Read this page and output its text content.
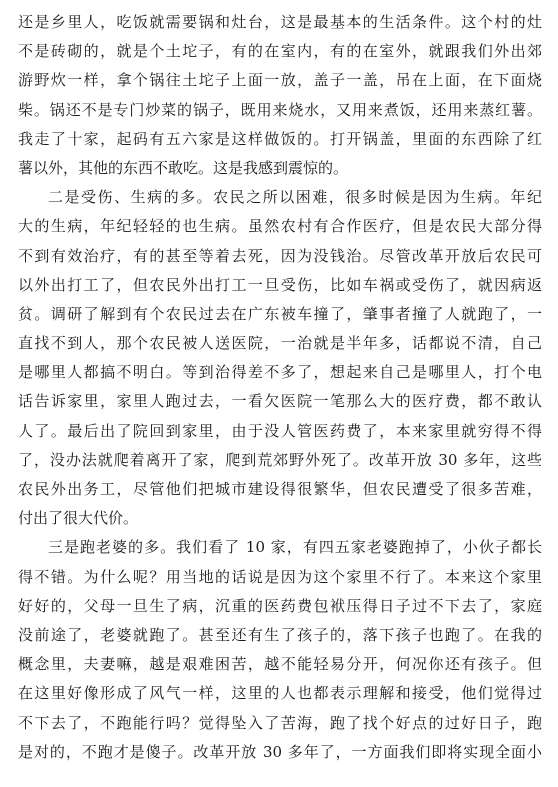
还是乡里人，吃饭就需要锅和灶台，这是最基本的生活条件。这个村的灶
不是砖砌的，就是个土坨子，有的在室内，有的在室外，就跟我们外出郊
游野炊一样，拿个锅往土坨子上面一放，盖子一盖，吊在上面，在下面烧
柴。锅还不是专门炒菜的锅子，既用来烧水，又用来煮饭，还用来蒸红薯。
我走了十家，起码有五六家是这样做饭的。打开锅盖，里面的东西除了红
薯以外，其他的东西不敢吃。这是我感到震惊的。
二是受伤、生病的多。农民之所以困难，很多时候是因为生病。年纪
大的生病，年纪轻轻的也生病。虽然农村有合作医疗，但是农民大部分得
不到有效治疗，有的甚至等着去死，因为没钱治。尽管改革开放后农民可
以外出打工了，但农民外出打工一旦受伤，比如车祸或受伤了，就因病返
贫。调研了解到有个农民过去在广东被车撞了，肇事者撞了人就跑了，一
直找不到人，那个农民被人送医院，一治就是半年多，话都说不清，自己
是哪里人都搞不明白。等到治得差不多了，想起来自己是哪里人，打个电
话告诉家里，家里人跑过去，一看欠医院一笔那么大的医疗费，都不敢认
人了。最后出了院回到家里，由于没人管医药费了，本来家里就穷得不得
了，没办法就爬着离开了家，爬到荒郊野外死了。改革开放 30 多年，这些
农民外出务工，尽管他们把城市建设得很繁华，但农民遭受了很多苦难，
付出了很大代价。
三是跑老婆的多。我们看了 10 家，有四五家老婆跑掉了，小伙子都长
得不错。为什么呢？用当地的话说是因为这个家里不行了。本来这个家里
好好的，父母一旦生了病，沉重的医药费包袱压得日子过不下去了，家庭
没前途了，老婆就跑了。甚至还有生了孩子的，落下孩子也跑了。在我的
概念里，夫妻嘛，越是艰难困苦，越不能轻易分开，何况你还有孩子。但
在这里好像形成了风气一样，这里的人也都表示理解和接受，他们觉得过
不下去了，不跑能行吗？觉得坠入了苦海，跑了找个好点的过好日子，跑
是对的，不跑才是傻子。改革开放 30 多年了，一方面我们即将实现全面小
